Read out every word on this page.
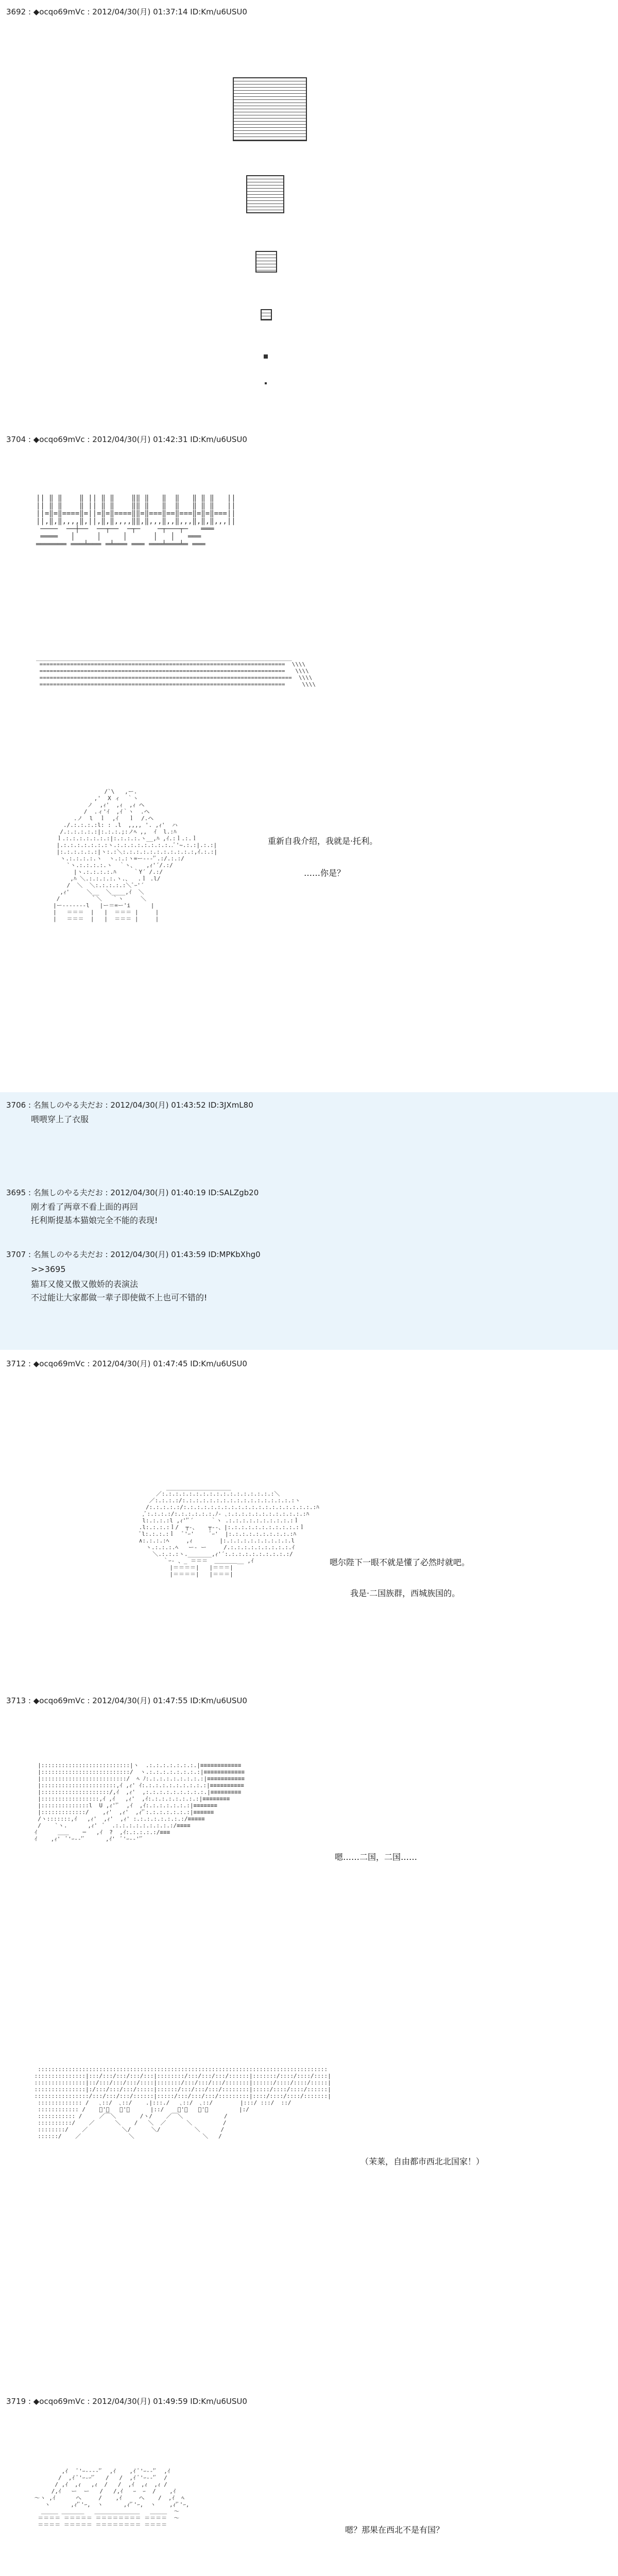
3692 : ◆ocqo69mVc : 2012/04/30(月) 01:37:14 ID:Km/u6USU0
3704 : ◆ocqo69mVc : 2012/04/30(月) 01:42:31 ID:Km/u6USU0
|| ‖ ‖    ‖ || ‖ ‖    ‖‖ ‖   ‖  ‖   ‖ ‖ ‖   ||
|| ‖ ‖    ‖ || ‖ ‖    ‖‖ ‖   ‖  ‖   ‖ ‖ ‖   ||
||=‖=‖====‖=||=‖=‖====‖‖=‖===‖==‖===‖=‖=‖===||
||,‖,‖,,,,‖,||,‖,‖,,,,‖‖,‖,,,‖,,‖,,,‖,‖,‖,,,||
────  ──┼──  ──┬──  ─┬─    ─┬───┬─   ═══
════   │     │     │      │   │   ═══
═══════ ═══╧═══ ═╧═══ ═══ ═══╧═══╧═ ═══
___________________________________________________________________________
========================================================================  \\\\
========================================================================   \\\\
==========================================================================  \\\\
========================================================================     \\\\
/`\   ,ー.
,'  X ィ  ｀ヽ
ノ  ,ｨ'  ,ｨ  ,ｨ ヘ
/  .ィ'ｲ  ,ｲ｀ヽ  .ヘ
.ノ  l  ｌ  ,ｲ   ｌ  /.ヘ
./.:.:.:.:l: : .l  ,,,, '. ,ｨ'  ハ
/.:.:.:.:.:|:.:.:.;:ノﾍ ,,  ｲ  l.:ﾊ
ｌ.:.:.:.:.:.:.:|:.:.:.:.ヽ__,ﾊ ,ｲ.:ｌ.:.ｌ
|.:.:.:.:.:.:.:ヽ.:.:.:.:.:.:.:.:..ﾞ'~.:.:|.:.:|
|:.:.:.:.:.:|ヽ:.:＼:.:.:.:.:.:.:.:.:.:.:,ｲ.:.:|
ヽ.:.:.:.:.ヽ  ヽ.:.:ヽ=ー‐-‐'ﾞ.:/.:.:/
`ヽ.:.:.:.:.ヽ  ｀ヽ、   ,ｨ'´/.:/
|ヽ.:.:.:.:.ﾊ     ｀Y´ /.:/
,ﾊ ＼.:.:.:.:.ヽ.、  .ｌ .l/
/  ＼  ＼:.:.:.:.:＼ﾞｰ'´
,ｨ'     ＼__  ＼____,ｲ  ＼
/         ｀＼   ｀ヽ     ＼
|ー-‐-‐‐--l   |ー＝=ー'i      |
|   ＝＝＝  |   |  ＝＝＝ |     |
|   ＝＝＝  |   |  ＝＝＝ |     |
重新自我介绍，我就是·托利。
……你是？
3706 : 名無しのやる夫だお : 2012/04/30(月) 01:43:52 ID:3JXmL80
喂喂穿上了衣服
3695 : 名無しのやる夫だお : 2012/04/30(月) 01:40:19 ID:SALZgb20
刚才看了两章不看上面的再回
托利斯提基本猫娘完全不能的表现!
3707 : 名無しのやる夫だお : 2012/04/30(月) 01:43:59 ID:MPKbXhg0
>>3695
猫耳又傻又傲又傲娇的表演法
不过能让大家都做一辈子即使做不上也可不错的!
3712 : ◆ocqo69mVc : 2012/04/30(月) 01:47:45 ID:Km/u6USU0
___________________
／:.:.:.:.:.:.:.:.:.:.:.:.:.:.:.:.:＼
／:.:.:.:/:.:.:.:.:.:.:.:.:.:.:.:.:.:.:.:.:ヽ
/:.:.:.:.:/:.:.:.:.:.:.:.:.:.:.:.:.:.:.:.:.:.:.:.:ﾊ
,ﾞ:.:.:.:/:.:.:.:.:.:.ﾉ‐ ､:.:.:.:.:.:.:.:.:.:.:.:ﾊ
l:.:.:.:l ,ｨ''ﾞ´     ｀ヽ .:.:.:.:.:.:.:.:.:.:ｌ
.l:.:.:.:ｌ/  ┬‐、   ┬‐‐、|:.:.:.:.:.:.:.:.:.:.:ｌ
ﾟl:.:.:.:ｌ  ﾞ'ｰ'     ﾞｰ'  |:.:.:.:.:.:.:.:.:.:ﾊ
∧:.:.:.:ﾍ     ,ｨ        |:.:.:.:.:.:.:.:.:.:.l
ヽ.:.:.:.ﾍ   ー‐ ー     /.:.:.:.:.:.:.:.:.:.ｲ
＼.:.:.:ヽ._______,ｨ'´:.:.:.:.:.:.:.:.:.:/
｀ｰ- 、_ ＝＝＝  ＿＿＿＿__ ,ｲ
|＝＝＝＝|   |＝＝＝|
|＝＝＝＝|   |＝＝＝|
嗯尔陛下一眼不就是懂了必然时就吧。
我是·二国族群，西城族国的。
3713 : ◆ocqo69mVc : 2012/04/30(月) 01:47:55 ID:Km/u6USU0
|::::::::::::::::::::::::::|ヽ  .:.:.:.:.:.:.:.|≡≡≡≡≡≡≡≡≡≡≡≡
|::::::::::::::::::::::::::/  ヽ.:.:.:.:.:.:.:.:|≡≡≡≡≡≡≡≡≡≡≡≡
|:::::::::::::::::::::::::/  ﾍ ﾉ:.:.:.:.:.:.:.:.:|≡≡≡≡≡≡≡≡≡≡≡
|::::::::::::::::::::::,ｲ ,ｨ' ｲ:.:.:.:.:.:.:.:.:.:|≡≡≡≡≡≡≡≡≡≡
|::::::::::::::::::::/,ｲ  ,ｨ'  ,:.:.:.:.:.:.:.:.:.|≡≡≡≡≡≡≡≡≡
|:::::::::::::::::,ｲ ,ｲ   ,ｨ'  ,ｲ:.:.:.:.:.:.:.:|≡≡≡≡≡≡≡≡
|::::::::::::::l  U ,ｨ''ﾞ  ,ｲ  ,ｲ:.:.:.:.:.:.:|≡≡≡≡≡≡≡
|:::::::::::::/    ,ｨ'  ,ｨ'  ,ｨ'ﾞ:.:.:.:.:.:.:|≡≡≡≡≡≡
/ヽ:::::::,ｲ   ,ｨ'  ,ｨ'  ,ｨ' :.:.:.:.:.:.:.:/≡≡≡≡≡
/    `ヽ.      ,ｨ'  ﾞ  .:.:.:.:.:.:.:.:.:/≡≡≡≡
ｲ      ＿＿    ─   ,ｲ  ?  ,ｲ:.:.:.:.:/≡≡≡
ｲ    ,ｨ'  ﾞ'ｰ-‐'ﾞ      ,ｲ'  ﾞ'ｰ-‐''ﾞ
嗯……二国，二国……
:::::::::::::::::::::::::::::::::::::::::::::::::::::::::::::::::::::::::::::::::::::
:::::::::::::::|:::/:::/:::/:::/:::|::::::::/:::/:::/:::/::::::|:::::::/::::/::::/::::|
:::::::::::::::|::/:::/:::/:::/::::|:::::::/:::/:::/:::/:::::::|::::::/::::/::::/:::::|
:::::::::::::::|:/:::/:::/:::/:::::|::::::/:::/:::/:::/::::::::|:::::/::::/::::/::::::|
::::::::::::::::/:::/:::/:::/::::::|:::::/:::/:::/:::/:::::::::|::::/::::/::::/:::::::|
::::::::::::: /   ､::/  ､::/    .|:::./   ､::/  ､::/        |:::/ :::/  ::/
:::::::::::: /    ﾞ'ｰ   ﾞ'ｰ      |::/    ﾞ'ｰ   ﾞ'ｰ         |:/
::::::::::: /     ／￣＼       /ヽ/    ／￣＼            /
::::::::::/    ／      ＼    /   ＼  ／      ＼         /
::::::::/    ／          ＼/      ＼/          ＼      /
::::::/    ／              ＼                    ＼   /
（茉莱，自由都市西北北国家！）
3719 : ◆ocqo69mVc : 2012/04/30(月) 01:49:59 ID:Km/u6USU0
,ｲ   ﾞ'ｰ-‐-‐'ﾞ  ,ｲ    ,ｲ ﾞ'ｰ-‐'ﾞ  ,ｲ
/  ,ｲ ﾞ'ｰ‐ｰ'ﾞ   /   /  ,ｲ ﾞ'ｰ-‐'ﾞ  /
/ ,ｲ  ,ｨ   ,ｨ  /   /  ,ｲ  ,ｨ  ,ｨ /
/,ｲ   ー  ー   /   /,ｲ   ｰ  ｰ  /    ,ｲ
～ヽ ,ｲ      へ     /    ,ｲ     へ    /  ,ｲ  ﾍ
ヽ      ,ｨ'ﾞ'ｰ,  ヽ      ,ｨ'ﾞ'ｰ,  ヽ    ,ｨ'ﾞ'ｰ,
＿＿＿ ＿＿＿＿   ＿＿＿＿＿＿＿＿   ＿＿＿  ～
＝＝＝＝ ＝＝＝＝＝ ＝＝＝＝＝＝＝＝ ＝＝＝＝  ～
＝＝＝＝ ＝＝＝＝＝ ＝＝＝＝＝＝＝＝ ＝＝＝＝
嗯？那果在西北不是有国？
